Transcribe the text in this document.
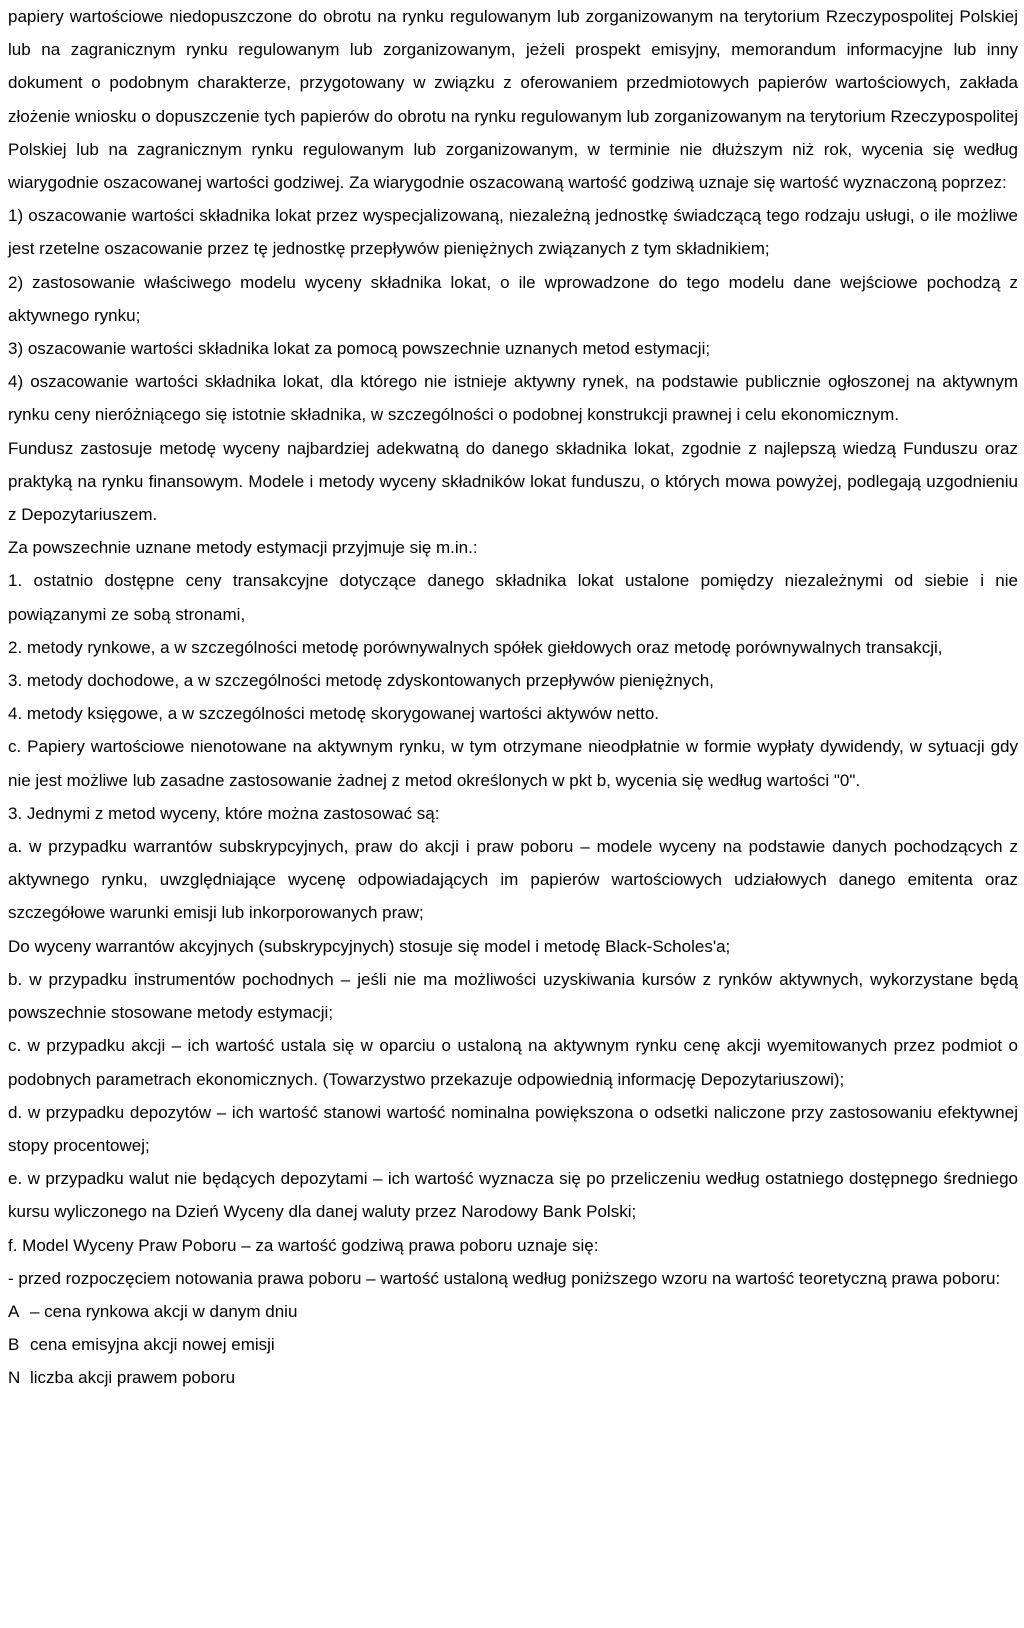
papiery wartościowe niedopuszczone do obrotu na rynku regulowanym lub zorganizowanym na terytorium Rzeczypospolitej Polskiej lub na zagranicznym rynku regulowanym lub zorganizowanym, jeżeli prospekt emisyjny, memorandum informacyjne lub inny dokument o podobnym charakterze, przygotowany w związku z oferowaniem przedmiotowych papierów wartościowych, zakłada złożenie wniosku o dopuszczenie tych papierów do obrotu na rynku regulowanym lub zorganizowanym na terytorium Rzeczypospolitej Polskiej lub na zagranicznym rynku regulowanym lub zorganizowanym, w terminie nie dłuższym niż rok, wycenia się według wiarygodnie oszacowanej wartości godziwej. Za wiarygodnie oszacowaną wartość godziwą uznaje się wartość wyznaczoną poprzez:

1) oszacowanie wartości składnika lokat przez wyspecjalizowaną, niezależną jednostkę świadczącą tego rodzaju usługi, o ile możliwe jest rzetelne oszacowanie przez tę jednostkę przepływów pieniężnych związanych z tym składnikiem;

2) zastosowanie właściwego modelu wyceny składnika lokat, o ile wprowadzone do tego modelu dane wejściowe pochodzą z aktywnego rynku;

3) oszacowanie wartości składnika lokat za pomocą powszechnie uznanych metod estymacji;

4) oszacowanie wartości składnika lokat, dla którego nie istnieje aktywny rynek, na podstawie publicznie ogłoszonej na aktywnym rynku ceny nieróżniącego się istotnie składnika, w szczególności o podobnej konstrukcji prawnej i celu ekonomicznym.

Fundusz zastosuje metodę wyceny najbardziej adekwatną do danego składnika lokat, zgodnie z najlepszą wiedzą Funduszu oraz praktyką na rynku finansowym. Modele i metody wyceny składników lokat funduszu, o których mowa powyżej, podlegają uzgodnieniu z Depozytariuszem.

Za powszechnie uznane metody estymacji przyjmuje się m.in.:

1. ostatnio dostępne ceny transakcyjne dotyczące danego składnika lokat ustalone pomiędzy niezależnymi od siebie i nie powiązanymi ze sobą stronami,

2. metody rynkowe, a w szczególności metodę porównywalnych spółek giełdowych oraz metodę porównywalnych transakcji,

3. metody dochodowe, a w szczególności metodę zdyskontowanych przepływów pieniężnych,

4. metody księgowe, a w szczególności metodę skorygowanej wartości aktywów netto.

c. Papiery wartościowe nienotowane na aktywnym rynku, w tym otrzymane nieodpłatnie w formie wypłaty dywidendy, w sytuacji gdy nie jest możliwe lub zasadne zastosowanie żadnej z metod określonych w pkt b, wycenia się według wartości "0".

3. Jednymi z metod wyceny, które można zastosować są:

a. w przypadku warrantów subskrypcyjnych, praw do akcji i praw poboru – modele wyceny na podstawie danych pochodzących z aktywnego rynku, uwzględniające wycenę odpowiadających im papierów wartościowych udziałowych danego emitenta oraz szczegółowe warunki emisji lub inkorporowanych praw;

Do wyceny warrantów akcyjnych (subskrypcyjnych) stosuje się model i metodę Black-Scholes'a;

b. w przypadku instrumentów pochodnych – jeśli nie ma możliwości uzyskiwania kursów z rynków aktywnych, wykorzystane będą powszechnie stosowane metody estymacji;

c. w przypadku akcji – ich wartość ustala się w oparciu o ustaloną na aktywnym rynku cenę akcji wyemitowanych przez podmiot o podobnych parametrach ekonomicznych. (Towarzystwo przekazuje odpowiednią informację Depozytariuszowi);

d. w przypadku depozytów – ich wartość stanowi wartość nominalna powiększona o odsetki naliczone przy zastosowaniu efektywnej stopy procentowej;

e. w przypadku walut nie będących depozytami – ich wartość wyznacza się po przeliczeniu według ostatniego dostępnego średniego kursu wyliczonego na Dzień Wyceny dla danej waluty przez Narodowy Bank Polski;

f. Model Wyceny Praw Poboru – za wartość godziwą prawa poboru uznaje się:

- przed rozpoczęciem notowania prawa poboru – wartość ustaloną według poniższego wzoru na wartość teoretyczną prawa poboru:

A – cena rynkowa akcji w danym dniu

B cena emisyjna akcji nowej emisji

N liczba akcji prawem poboru
